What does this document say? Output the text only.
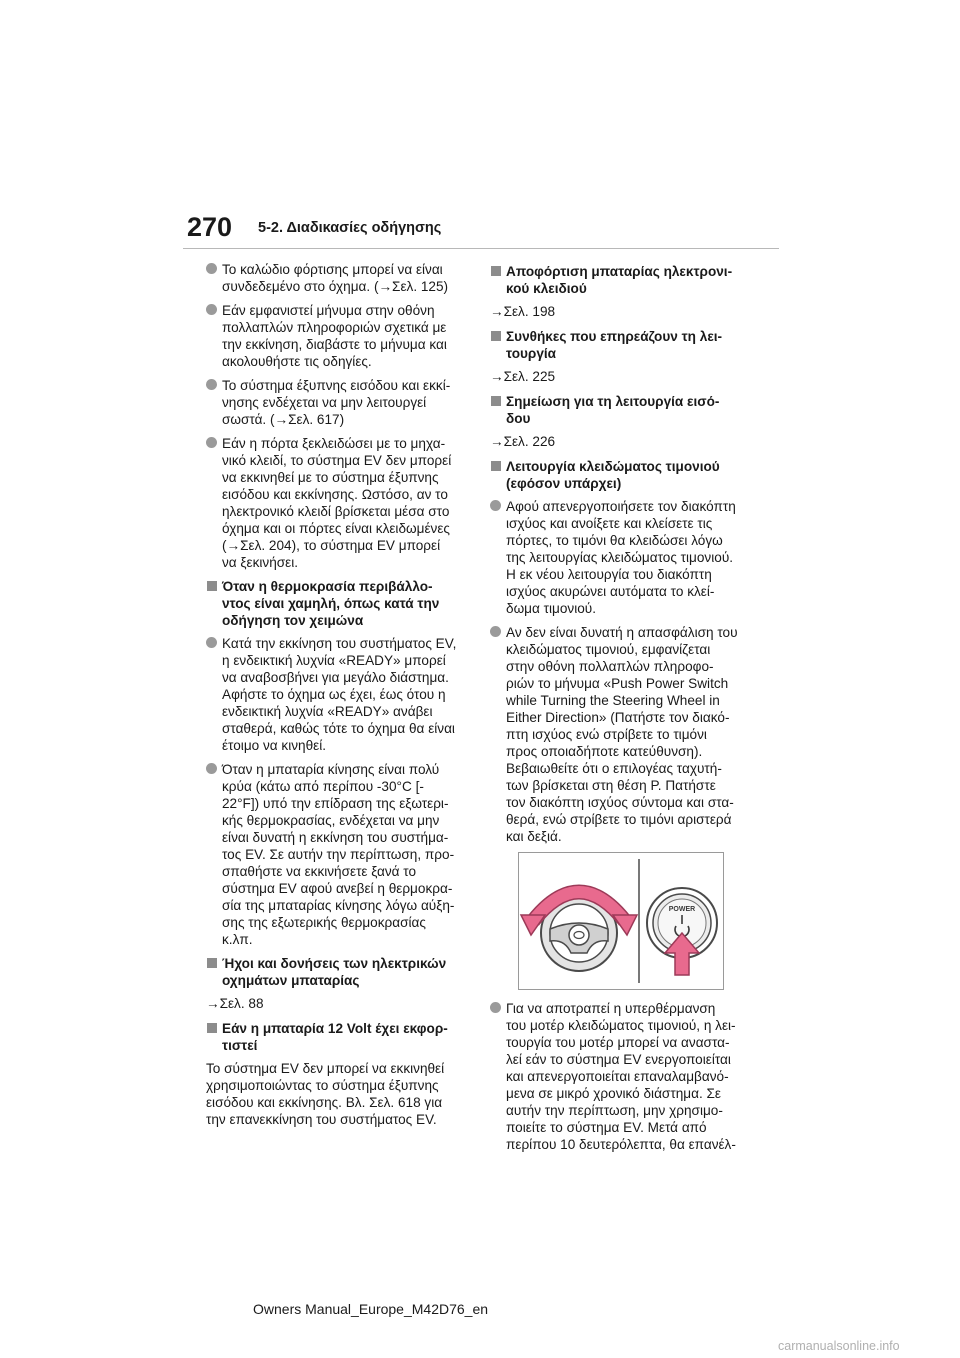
270 5-2. Διαδικασίες οδήγησης
Το καλώδιο φόρτισης μπορεί να είναι
συνδεδεμένο στο όχημα. (→Σελ. 125)
Εάν εμφανιστεί μήνυμα στην οθόνη
πολλαπλών πληροφοριών σχετικά με
την εκκίνηση, διαβάστε το μήνυμα και
ακολουθήστε τις οδηγίες.
Το σύστημα έξυπνης εισόδου και εκκί-
νησης ενδέχεται να μην λειτουργεί
σωστά. (→Σελ. 617)
Εάν η πόρτα ξεκλειδώσει με το μηχα-
νικό κλειδί, το σύστημα EV δεν μπορεί
να εκκινηθεί με το σύστημα έξυπνης
εισόδου και εκκίνησης. Ωστόσο, αν το
ηλεκτρονικό κλειδί βρίσκεται μέσα στο
όχημα και οι πόρτες είναι κλειδωμένες
(→Σελ. 204), το σύστημα EV μπορεί
να ξεκινήσει.
Όταν η θερμοκρασία περιβάλλο-
ντος είναι χαμηλή, όπως κατά την
οδήγηση τον χειμώνα
Κατά την εκκίνηση του συστήματος EV,
η ενδεικτική λυχνία «READY» μπορεί
να αναβοσβήνει για μεγάλο διάστημα.
Αφήστε το όχημα ως έχει, έως ότου η
ενδεικτική λυχνία «READY» ανάβει
σταθερά, καθώς τότε το όχημα θα είναι
έτοιμο να κινηθεί.
Όταν η μπαταρία κίνησης είναι πολύ
κρύα (κάτω από περίπου -30°C [-
22°F]) υπό την επίδραση της εξωτερι-
κής θερμοκρασίας, ενδέχεται να μην
είναι δυνατή η εκκίνηση του συστήμα-
τος EV. Σε αυτήν την περίπτωση, προ-
σπαθήστε να εκκινήσετε ξανά το
σύστημα EV αφού ανεβεί η θερμοκρα-
σία της μπαταρίας κίνησης λόγω αύξη-
σης της εξωτερικής θερμοκρασίας
κ.λπ.
Ήχοι και δονήσεις των ηλεκτρικών
οχημάτων μπαταρίας
→Σελ. 88
Εάν η μπαταρία 12 Volt έχει εκφορ-
τιστεί
Το σύστημα EV δεν μπορεί να εκκινηθεί
χρησιμοποιώντας το σύστημα έξυπνης
εισόδου και εκκίνησης. Βλ. Σελ. 618 για
την επανεκκίνηση του συστήματος EV.
Αποφόρτιση μπαταρίας ηλεκτρονι-
κού κλειδιού
→Σελ. 198
Συνθήκες που επηρεάζουν τη λει-
τουργία
→Σελ. 225
Σημείωση για τη λειτουργία εισό-
δου
→Σελ. 226
Λειτουργία κλειδώματος τιμονιού
(εφόσον υπάρχει)
Αφού απενεργοποιήσετε τον διακόπτη
ισχύος και ανοίξετε και κλείσετε τις
πόρτες, το τιμόνι θα κλειδώσει λόγω
της λειτουργίας κλειδώματος τιμονιού.
Η εκ νέου λειτουργία του διακόπτη
ισχύος ακυρώνει αυτόματα το κλεί-
δωμα τιμονιού.
Αν δεν είναι δυνατή η απασφάλιση του
κλειδώματος τιμονιού, εμφανίζεται
στην οθόνη πολλαπλών πληροφο-
ριών το μήνυμα «Push Power Switch
while Turning the Steering Wheel in
Either Direction» (Πατήστε τον διακό-
πτη ισχύος ενώ στρίβετε το τιμόνι
προς οποιαδήποτε κατεύθυνση).
Βεβαιωθείτε ότι ο επιλογέας ταχυτή-
των βρίσκεται στη θέση P. Πατήστε
τον διακόπτη ισχύος σύντομα και στα-
θερά, ενώ στρίβετε το τιμόνι αριστερά
και δεξιά.
POWER
Για να αποτραπεί η υπερθέρμανση
του μοτέρ κλειδώματος τιμονιού, η λει-
τουργία του μοτέρ μπορεί να αναστα-
λεί εάν το σύστημα EV ενεργοποιείται
και απενεργοποιείται επαναλαμβανό-
μενα σε μικρό χρονικό διάστημα. Σε
αυτήν την περίπτωση, μην χρησιμο-
ποιείτε το σύστημα EV. Μετά από
περίπου 10 δευτερόλεπτα, θα επανέλ-
Owners Manual_Europe_M42D76_en
carmanualsonline.info
